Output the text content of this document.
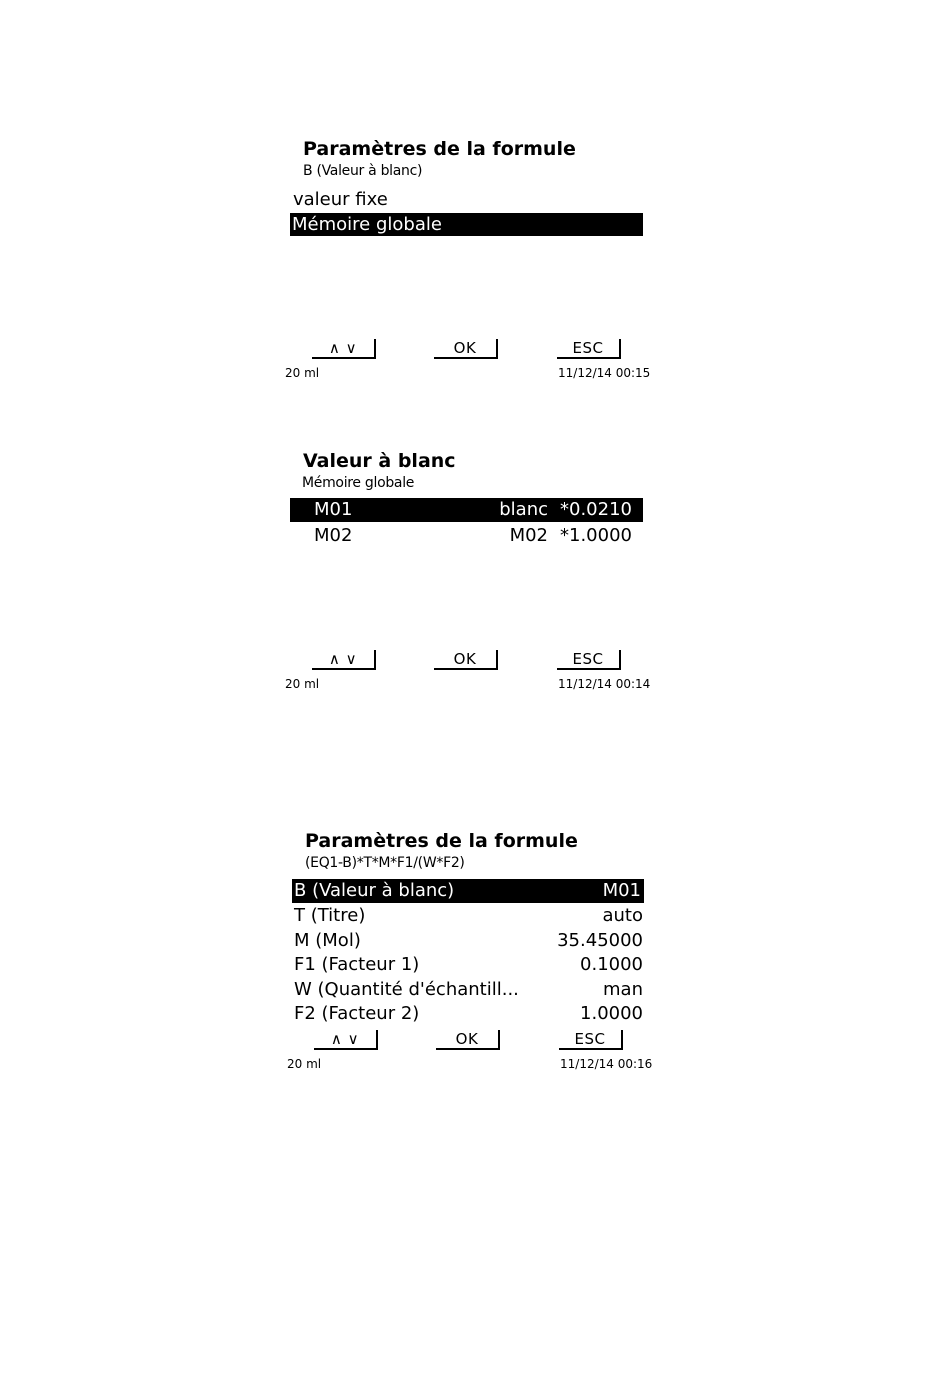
Paramètres de la formule
B (Valeur à blanc)
valeur fixe
Mémoire globale
∧ ∨	OK	ESC
20 ml	11/12/14 00:15
Valeur à blanc
Mémoire globale
M01	blanc *0.0210
M02	M02 *1.0000
∧ ∨	OK	ESC
20 ml	11/12/14 00:14
Paramètres de la formule
(EQ1-B)*T*M*F1/(W*F2)
B (Valeur à blanc)	M01
T (Titre)	auto
M (Mol)	35.45000
F1 (Facteur 1)	0.1000
W (Quantité d'échantill...	man
F2 (Facteur 2)	1.0000
∧ ∨	OK	ESC
20 ml	11/12/14 00:16
